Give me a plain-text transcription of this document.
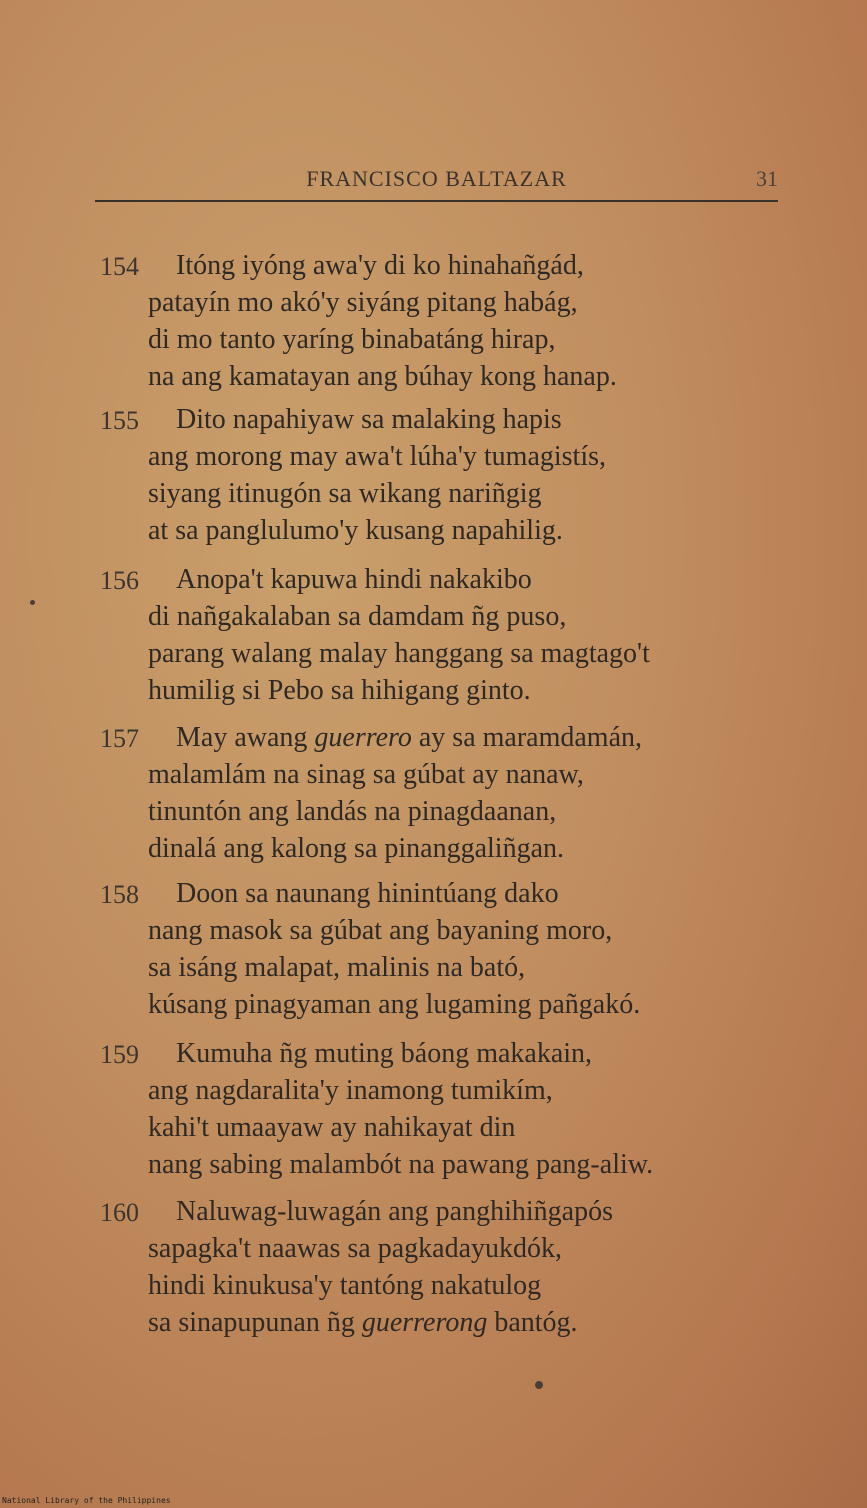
FRANCISCO BALTAZAR	31
154	Itóng iyóng awa'y di ko hinahañgád,
patayín mo akó'y siyáng pitang habág,
di mo tanto yaríng binabatáng hirap,
na ang kamatayan ang búhay kong hanap.
155	Dito napahiyaw sa malaking hapis
ang morong may awa't lúha'y tumagistís,
siyang itinugón sa wikang nariñgig
at sa panglulumo'y kusang napahilig.
156	Anopa't kapuwa hindi nakakibo
di nañgakalaban sa damdam ñg puso,
parang walang malay hanggang sa magtago't
humilig si Pebo sa hihigang ginto.
157	May awang guerrero ay sa maramdamán,
malamlám na sinag sa gúbat ay nanaw,
tinuntón ang landás na pinagdaanan,
dinalá ang kalong sa pinanggaliñgan.
158	Doon sa naunang hinintúang dako
nang masok sa gúbat ang bayaning moro,
sa isáng malapat, malinis na bató,
kúsang pinagyaman ang lugaming pañgakó.
159	Kumuha ñg muting báong makakain,
ang nagdaralita'y inamong tumikím,
kahi't umaayaw ay nahikayat din
nang sabing malambót na pawang pang-aliw.
160	Naluwag-luwagán ang panghihiñgapós
sapagka't naawas sa pagkadayukdók,
hindi kinukusa'y tantóng nakatulog
sa sinapupunan ñg guerrerong bantóg.
National Library of the Philippines
